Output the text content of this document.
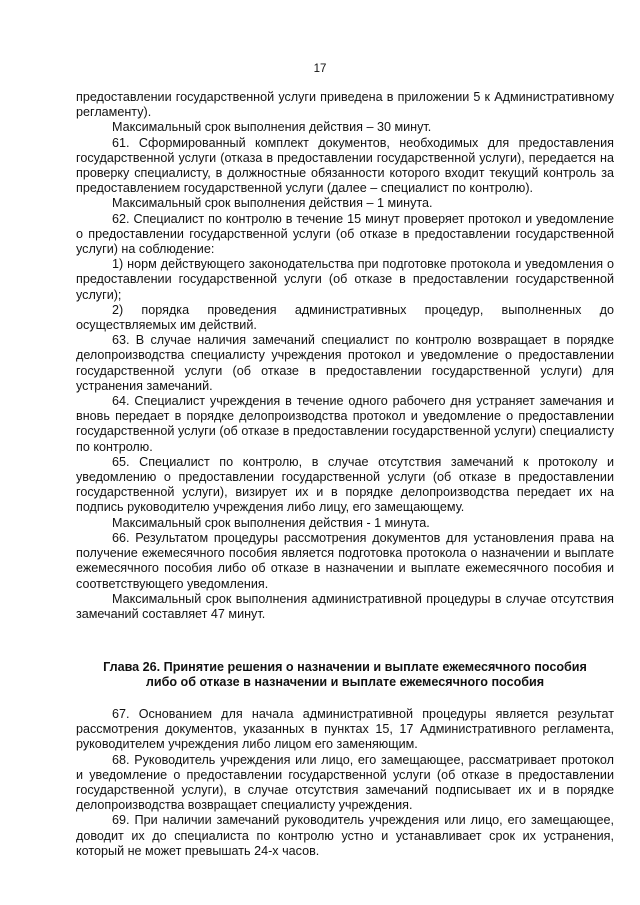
17

предоставлении государственной услуги приведена в приложении 5 к Административному регламенту).

Максимальный срок выполнения действия – 30 минут.

61. Сформированный комплект документов, необходимых для предоставления государственной услуги (отказа в предоставлении государственной услуги), передается на проверку специалисту, в должностные обязанности которого входит текущий контроль за предоставлением государственной услуги (далее – специалист по контролю).

Максимальный срок выполнения действия – 1 минута.

62. Специалист по контролю в течение 15 минут проверяет протокол и уведомление о предоставлении государственной услуги (об отказе в предоставлении государственной услуги) на соблюдение:

1) норм действующего законодательства при подготовке протокола и уведомления о предоставлении государственной услуги (об отказе в предоставлении государственной услуги);

2) порядка проведения административных процедур, выполненных до осуществляемых им действий.

63. В случае наличия замечаний специалист по контролю возвращает в порядке делопроизводства специалисту учреждения протокол и уведомление о предоставлении государственной услуги (об отказе в предоставлении государственной услуги) для устранения замечаний.

64. Специалист учреждения в течение одного рабочего дня устраняет замечания и вновь передает в порядке делопроизводства протокол и уведомление о предоставлении государственной услуги (об отказе в предоставлении государственной услуги) специалисту по контролю.

65. Специалист по контролю, в случае отсутствия замечаний к протоколу и уведомлению о предоставлении государственной услуги (об отказе в предоставлении государственной услуги), визирует их и в порядке делопроизводства передает их на подпись руководителю учреждения либо лицу, его замещающему.

Максимальный срок выполнения действия - 1 минута.

66. Результатом процедуры рассмотрения документов для установления права на получение ежемесячного пособия является подготовка протокола о назначении и выплате ежемесячного пособия либо об отказе в назначении и выплате ежемесячного пособия и соответствующего уведомления.

Максимальный срок выполнения административной процедуры в случае отсутствия замечаний составляет 47 минут.

Глава 26. Принятие решения о назначении и выплате ежемесячного пособия
либо об отказе в назначении и выплате ежемесячного пособия

67. Основанием для начала административной процедуры является результат рассмотрения документов, указанных в пунктах 15, 17 Административного регламента, руководителем учреждения либо лицом его заменяющим.

68. Руководитель учреждения или лицо, его замещающее, рассматривает протокол и уведомление о предоставлении государственной услуги (об отказе в предоставлении государственной услуги), в случае отсутствия замечаний подписывает их и в порядке делопроизводства возвращает специалисту учреждения.

69. При наличии замечаний руководитель учреждения или лицо, его замещающее, доводит их до специалиста по контролю устно и устанавливает срок их устранения, который не может превышать 24-х часов.
